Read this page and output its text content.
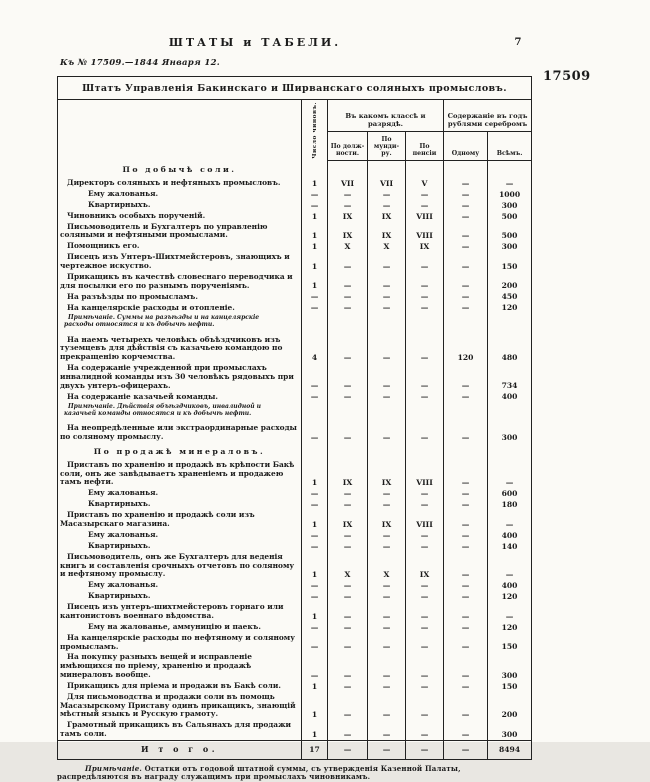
ШТАТЫ и ТАБЕЛИ.	7
Къ № 17509.—1844 Января 12.
17509
Штатъ Управленія Бакинскаго и Ширванскаго соляныхъ промысловъ.						

	Число чиновъ.	Въ какомъ классѣ и разрядѣ.			Содержаніе въ годъ рублями серебромъ	
		По долж- ности.	По мунди- ру.	По пенсіи	Одному	Всѣмъ.
По добычѣ соли.						
Директоръ соляныхъ и нефтяныхъ промысловъ.	1	VII	VII	V	—	—
Ему жалованья.	—	—	—	—	—	1000
Квартирныхъ.	—	—	—	—	—	300
Чиновникъ особыхъ порученій.	1	IX	IX	VIII	—	500
Письмоводитель и Бухгалтеръ по управленію соляными и нефтяными промыслами.	1	IX	IX	VIII	—	500
Помощникъ его.	1	X	X	IX	—	300
Писецъ изъ Унтеръ-Шихтмейстеровъ, знающихъ и чертежное искуство.	1	—	—	—	—	150
Прикащикъ въ качествѣ словеснаго переводчика и для посылки его по разнымъ порученіямъ.	1	—	—	—	—	200
На разъѣзды по промысламъ.	—	—	—	—	—	450
На канцелярскіе расходы и отопленіе.	—	—	—	—	—	120
Примѣчаніе. Суммы на разъѣзды и на канцелярскіе расходы относятся и къ добычѣ нефти.						
На наемъ четырехъ человѣкъ объѣздчиковъ изъ туземцевъ для дѣйствія съ казачьею командою по прекращенію корчемства.	4	—	—	—	120	480
На содержаніе учрежденной при промыслахъ инвалидной команды изъ 30 человѣкъ рядовыхъ при двухъ унтеръ-офицерахъ.	—	—	—	—	—	734
На содержаніе казачьей команды.	—	—	—	—	—	400
Примѣчаніе. Дѣйствія объѣздчиковъ, инвалидной и казачьей команды относятся и къ добычѣ нефти.						
На неопредѣленные или экстраординарные расходы по соляному промыслу.	—	—	—	—	—	300
По продажѣ минераловъ.						
Приставъ по храненію и продажѣ въ крѣпости Бакѣ соли, онъ же завѣдываетъ храненіемъ и продажею тамъ нефти.	1	IX	IX	VIII	—	—
Ему жалованья.	—	—	—	—	—	600
Квартирныхъ.	—	—	—	—	—	180
Приставъ по храненію и продажѣ соли изъ Масазырскаго магазина.	1	IX	IX	VIII	—	—
Ему жалованья.	—	—	—	—	—	400
Квартирныхъ.	—	—	—	—	—	140
Письмоводитель, онъ же Бухгалтеръ для веденія книгъ и составленія срочныхъ отчетовъ по соляному и нефтяному промыслу.	1	X	X	IX	—	—
Ему жалованья.	—	—	—	—	—	400
Квартирныхъ.	—	—	—	—	—	120
Писецъ изъ унтеръ-шихтмейстеровъ горнаго или кантонистовъ военнаго вѣдомства.	1	—	—	—	—	—
Ему на жалованье, аммуницію и паекъ.	—	—	—	—	—	120
На канцелярскіе расходы по нефтяному и соляному промысламъ.	—	—	—	—	—	150
На покупку разныхъ вещей и исправленіе имѣющихся по пріему, храненію и продажѣ минераловъ вообще.	—	—	—	—	—	300
Прикащикъ для пріема и продажи въ Бакѣ соли.	1	—	—	—	—	150
Для письмоводства и продажи соли въ помощь Масазырскому Приставу одинъ прикащикъ, знающій мѣстный языкъ и Русскую грамоту.	1	—	—	—	—	200
Грамотный прикащикъ въ Сальянахъ для продажи тамъ соли.	1	—	—	—	—	300
И т о г о.	17	—	—	—	—	8494
Примѣчаніе. Остатки отъ годовой штатной суммы, съ утвержденія Казенной Палаты, распредѣляются въ награду служащимъ при промыслахъ чиновникамъ.
